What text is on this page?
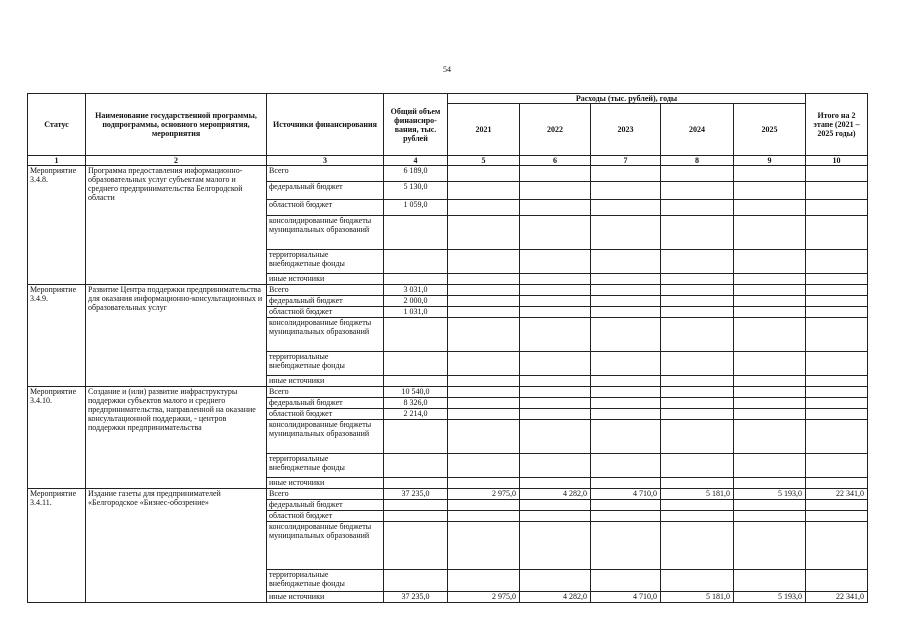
54
Статус	Наименование государственной программы, подпрограммы, основного мероприятия, мероприятия	Источники финансирования	Общий объем финансиро-вания, тыс. рублей	Расходы (тыс. рублей), годы					Итого на 2 этапе (2021 – 2025 годы)
				2021	2022	2023	2024	2025	
1	2	3	4	5	6	7	8	9	10
Мероприятие 3.4.8.	Программа предоставления информационно-образовательных услуг субъектам малого и среднего предпринимательства Белгородской области	Всего	6 189,0						
		федеральный бюджет	5 130,0						
		областной бюджет	1 059,0						
		консолидированные бюджеты муниципальных образований							
		территориальные внебюджетные фонды							
		иные источники							
Мероприятие 3.4.9.	Развитие Центра поддержки предпринимательства для оказания информационно-консультационных и образовательных услуг	Всего	3 031,0						
		федеральный бюджет	2 000,0						
		областной бюджет	1 031,0						
		консолидированные бюджеты муниципальных образований							
		территориальные внебюджетные фонды							
		иные источники							
Мероприятие 3.4.10.	Создание и (или) развитие инфраструктуры поддержки субъектов малого и среднего предпринимательства, направленной на оказание консультационной поддержки, - центров поддержки предпринимательства	Всего	10 540,0						
		федеральный бюджет	8 326,0						
		областной бюджет	2 214,0						
		консолидированные бюджеты муниципальных образований							
		территориальные внебюджетные фонды							
		иные источники							
Мероприятие 3.4.11.	Издание газеты для предпринимателей «Белгородское «Бизнес-обозрение»	Всего	37 235,0	2 975,0	4 282,0	4 710,0	5 181,0	5 193,0	22 341,0
		федеральный бюджет							
		областной бюджет							
		консолидированные бюджеты муниципальных образований							
		территориальные внебюджетные фонды							
		иные источники	37 235,0	2 975,0	4 282,0	4 710,0	5 181,0	5 193,0	22 341,0
